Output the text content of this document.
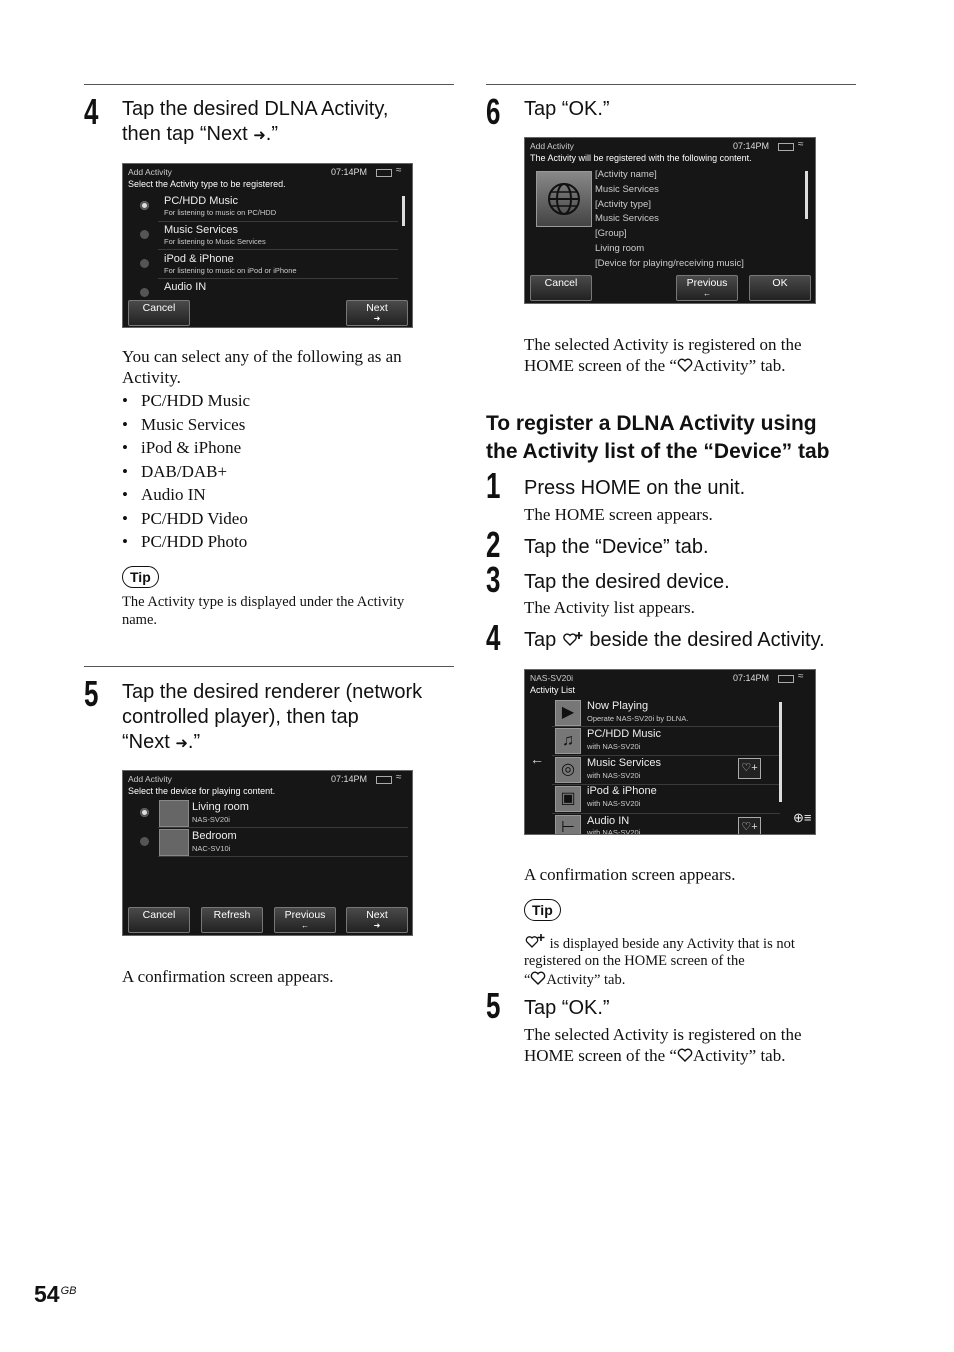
4 Tap the desired DLNA Activity,
then tap “Next ➜.”
Add Activity	07:14PM	≈
Select the Activity type to be registered.
PC/HDD Music
For listening to music on PC/HDD
Music Services
For listening to Music Services
iPod & iPhone
For listening to music on iPod or iPhone
Audio IN
Cancel	Next
➜
You can select any of the following as an
Activity.
• PC/HDD Music
• Music Services
• iPod & iPhone
• DAB/DAB+
• Audio IN
• PC/HDD Video
• PC/HDD Photo
Tip
The Activity type is displayed under the Activity
name.
5 Tap the desired renderer (network
controlled player), then tap
“Next ➜.”
Add Activity	07:14PM	≈
Select the device for playing content.
Living room
NAS-SV20i
Bedroom
NAC-SV10i
Cancel	Refresh	Previous
←
Next
➜
A confirmation screen appears.
6 Tap “OK.”
Add Activity	07:14PM	≈
The Activity will be registered with the following content.
[Activity name]
Music Services
[Activity type]
Music Services
[Group]
Living room
[Device for playing/receiving music]
Cancel	Previous
←
OK
The selected Activity is registered on the
HOME screen of the “ Activity” tab.
To register a DLNA Activity using
the Activity list of the “Device” tab
1 Press HOME on the unit.
The HOME screen appears.
2 Tap the “Device” tab.
3 Tap the desired device.
The Activity list appears.
4 Tap beside the desired Activity.
NAS-SV20i	07:14PM	≈
Activity List
←
▶	Now Playing
Operate NAS-SV20i by DLNA.
♫	PC/HDD Music
with NAS-SV20i
◎	Music Services
with NAS-SV20i
♡+
▣	iPod & iPhone
with NAS-SV20i
⊢	Audio IN
with NAS-SV20i	♡+
⊕≡
A confirmation screen appears.
Tip
is displayed beside any Activity that is not
registered on the HOME screen of the
“ Activity” tab.
5 Tap “OK.”
The selected Activity is registered on the
HOME screen of the “ Activity” tab.
$54^{GB}$
